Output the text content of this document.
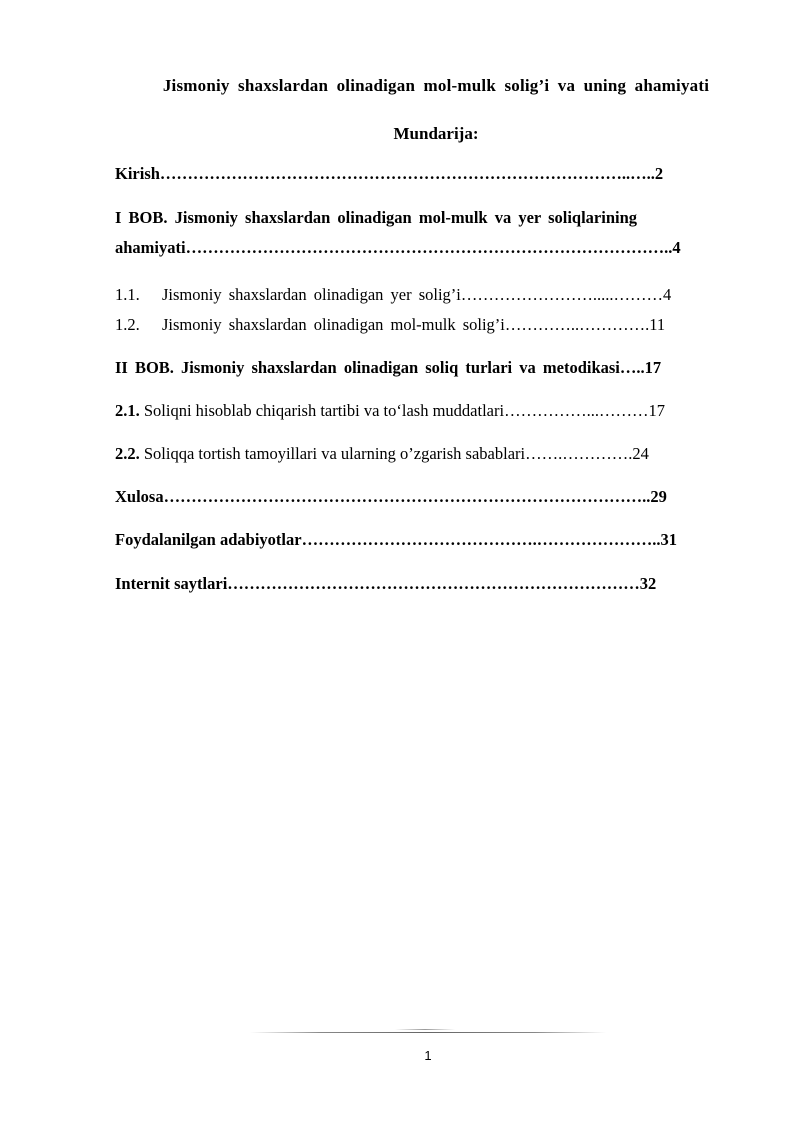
Jismoniy shaxslardan olinadigan mol-mulk solig’i va uning ahamiyati
Mundarija:
Kirish…………………………………………………………………………..…..2
I BOB. Jismoniy shaxslardan olinadigan mol-mulk va yer soliqlarining
ahamiyati……………………………………………………………………………..4
1.1. Jismoniy shaxslardan olinadigan yer solig’i…………………….....………4
1.2. Jismoniy shaxslardan olinadigan mol-mulk solig’i…………..………….11
II BOB. Jismoniy shaxslardan olinadigan soliq turlari va metodikasi…..17
2.1. Soliqni hisoblab chiqarish tartibi va to‘lash muddatlari……………...………17
2.2. Soliqqa tortish tamoyillari va ularning o’zgarish sabablari…….………….24
Xulosa……………………………………………………………………………..29
Foydalanilgan adabiyotlar…………………………………….…………………..31
Internit saytlari…………………………………………………………………32
1
